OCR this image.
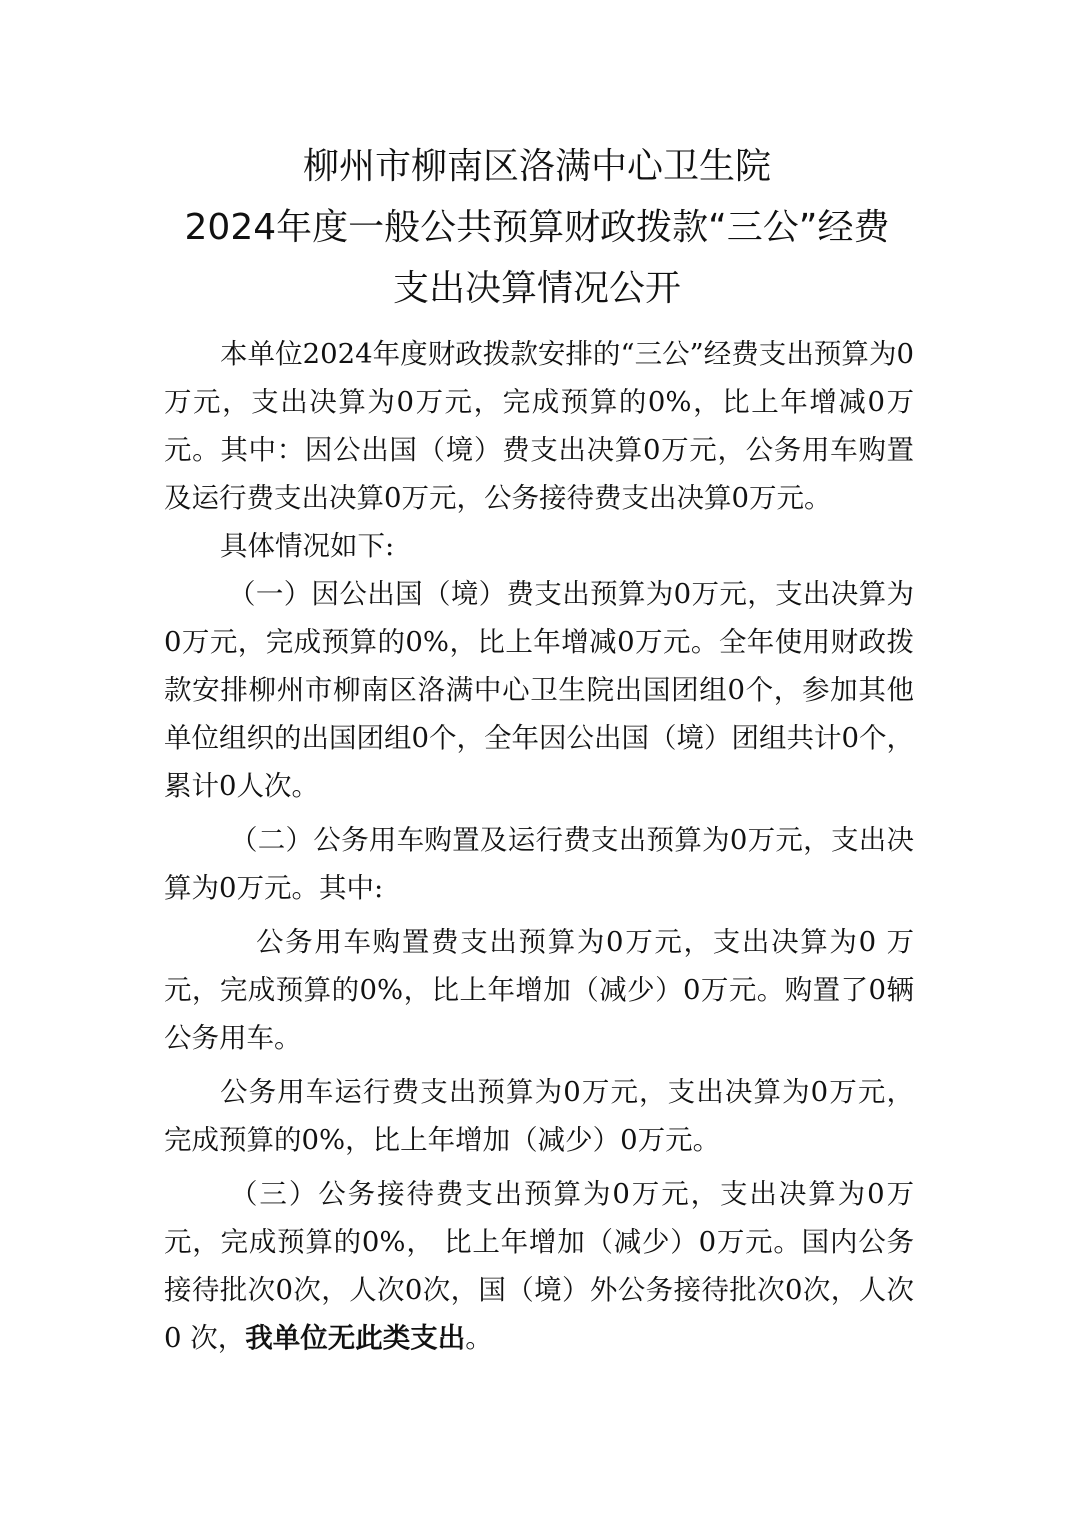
柳州市柳南区洛满中心卫生院
2024年度一般公共预算财政拨款“三公”经费
支出决算情况公开

本单位2024年度财政拨款安排的“三公”经费支出预算为0万元，支出决算为0万元，完成预算的0%，比上年增减0万元。其中：因公出国（境）费支出决算0万元，公务用车购置及运行费支出决算0万元，公务接待费支出决算0万元。

具体情况如下:

（一）因公出国（境）费支出预算为0万元，支出决算为0万元，完成预算的0%，比上年增减0万元。全年使用财政拨款安排柳州市柳南区洛满中心卫生院出国团组0个，参加其他单位组织的出国团组0个，全年因公出国（境）团组共计0个，累计0人次。

（二）公务用车购置及运行费支出预算为0万元，支出决算为0万元。其中:

公务用车购置费支出预算为0万元，支出决算为0 万元，完成预算的0%，比上年增加（减少）0万元。购置了0辆公务用车。

公务用车运行费支出预算为0万元，支出决算为0万元，完成预算的0%，比上年增加（减少）0万元。

（三）公务接待费支出预算为0万元，支出决算为0万元，完成预算的0%， 比上年增加（减少）0万元。国内公务接待批次0次，人次0次，国（境）外公务接待批次0次，人次0 次，我单位无此类支出。
